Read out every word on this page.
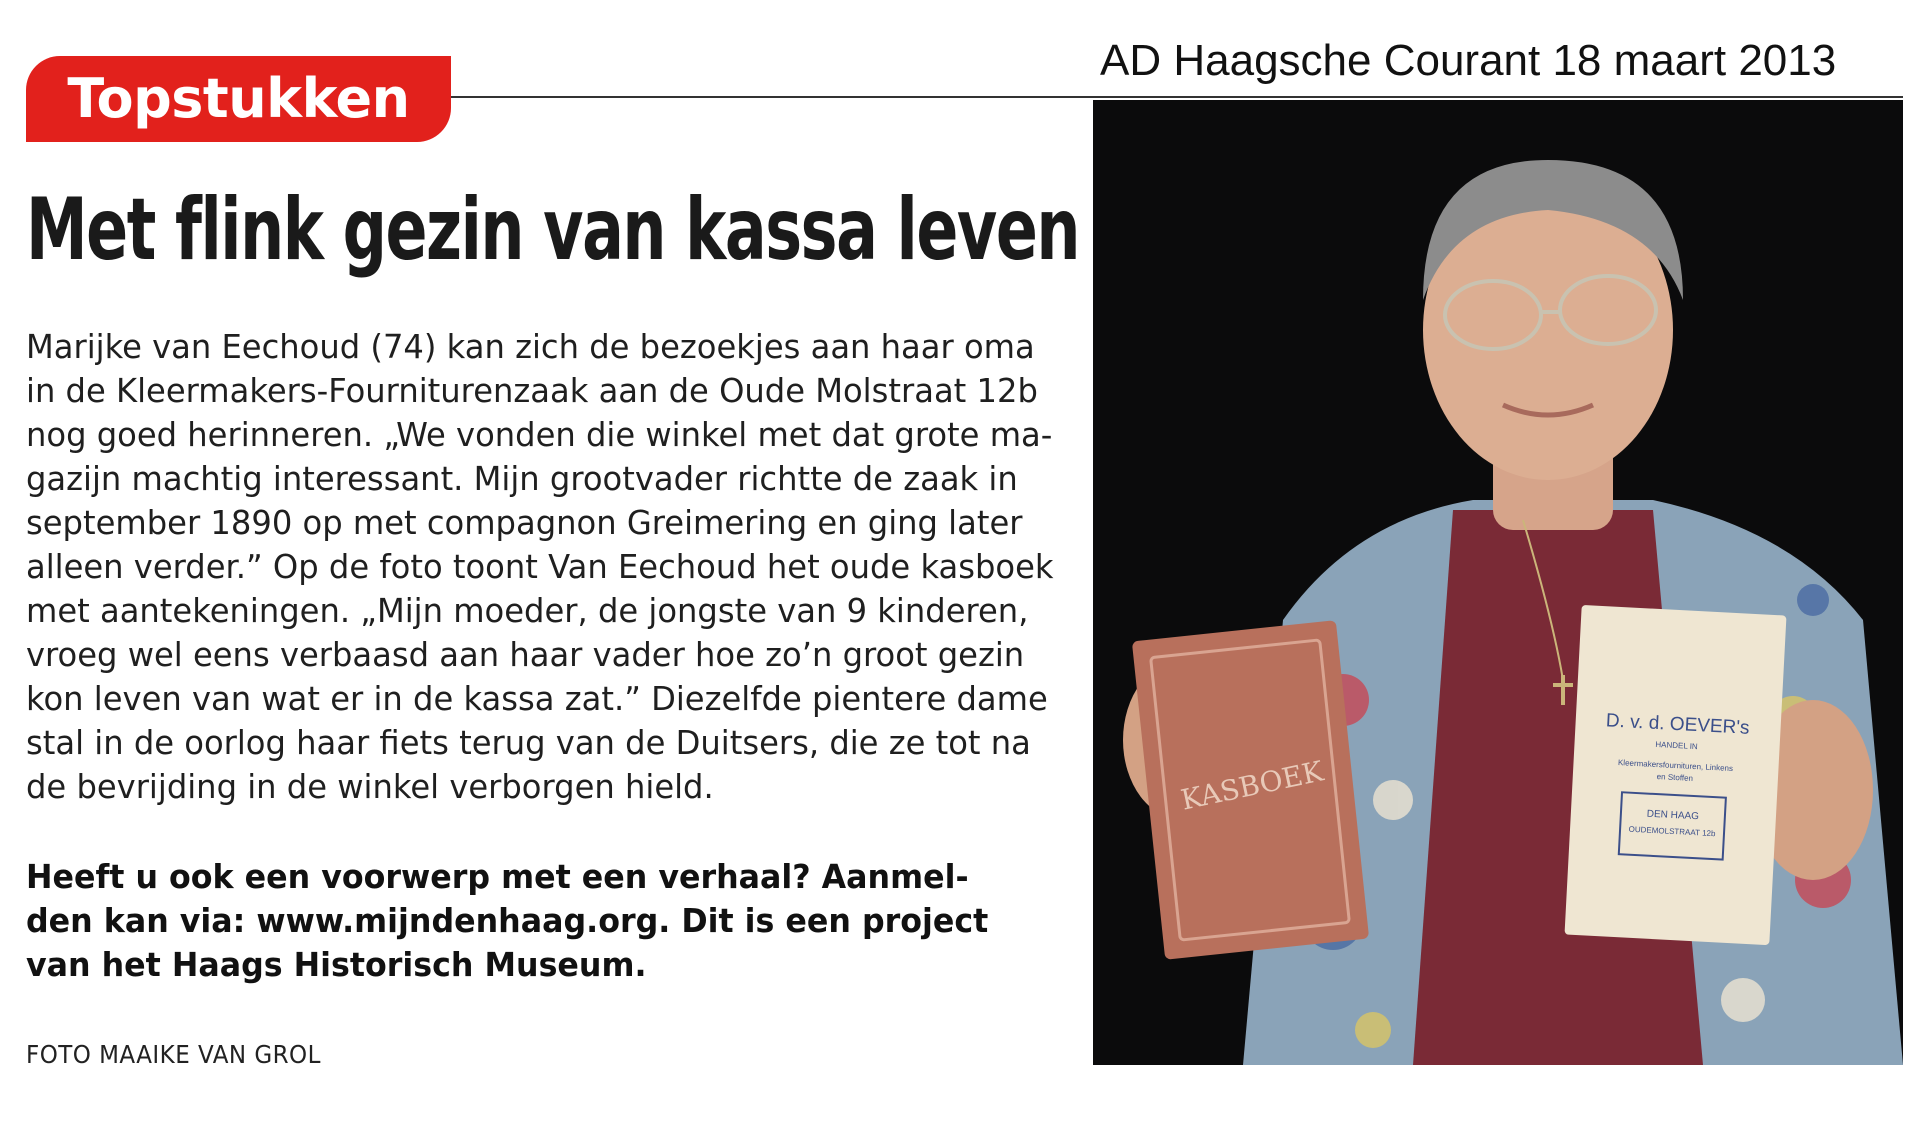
AD Haagsche Courant 18 maart 2013
Topstukken
Met flink gezin van kassa leven
Marijke van Eechoud (74) kan zich de bezoekjes aan haar oma
in de Kleermakers-Fourniturenzaak aan de Oude Molstraat 12b
nog goed herinneren. „We vonden die winkel met dat grote ma-
gazijn machtig interessant. Mijn grootvader richtte de zaak in
september 1890 op met compagnon Greimering en ging later
alleen verder.” Op de foto toont Van Eechoud het oude kasboek
met aantekeningen. „Mijn moeder, de jongste van 9 kinderen,
vroeg wel eens verbaasd aan haar vader hoe zo’n groot gezin
kon leven van wat er in de kassa zat.” Diezelfde pientere dame
stal in de oorlog haar fiets terug van de Duitsers, die ze tot na
de bevrijding in de winkel verborgen hield.
Heeft u ook een voorwerp met een verhaal? Aanmel-
den kan via: www.mijndenhaag.org. Dit is een project
van het Haags Historisch Museum.
FOTO MAAIKE VAN GROL
KASBOEK
D. v. d. OEVER's
HANDEL IN
Kleermakersfournituren, Linkens
en Stoffen
DEN HAAG
OUDEMOLSTRAAT 12b
